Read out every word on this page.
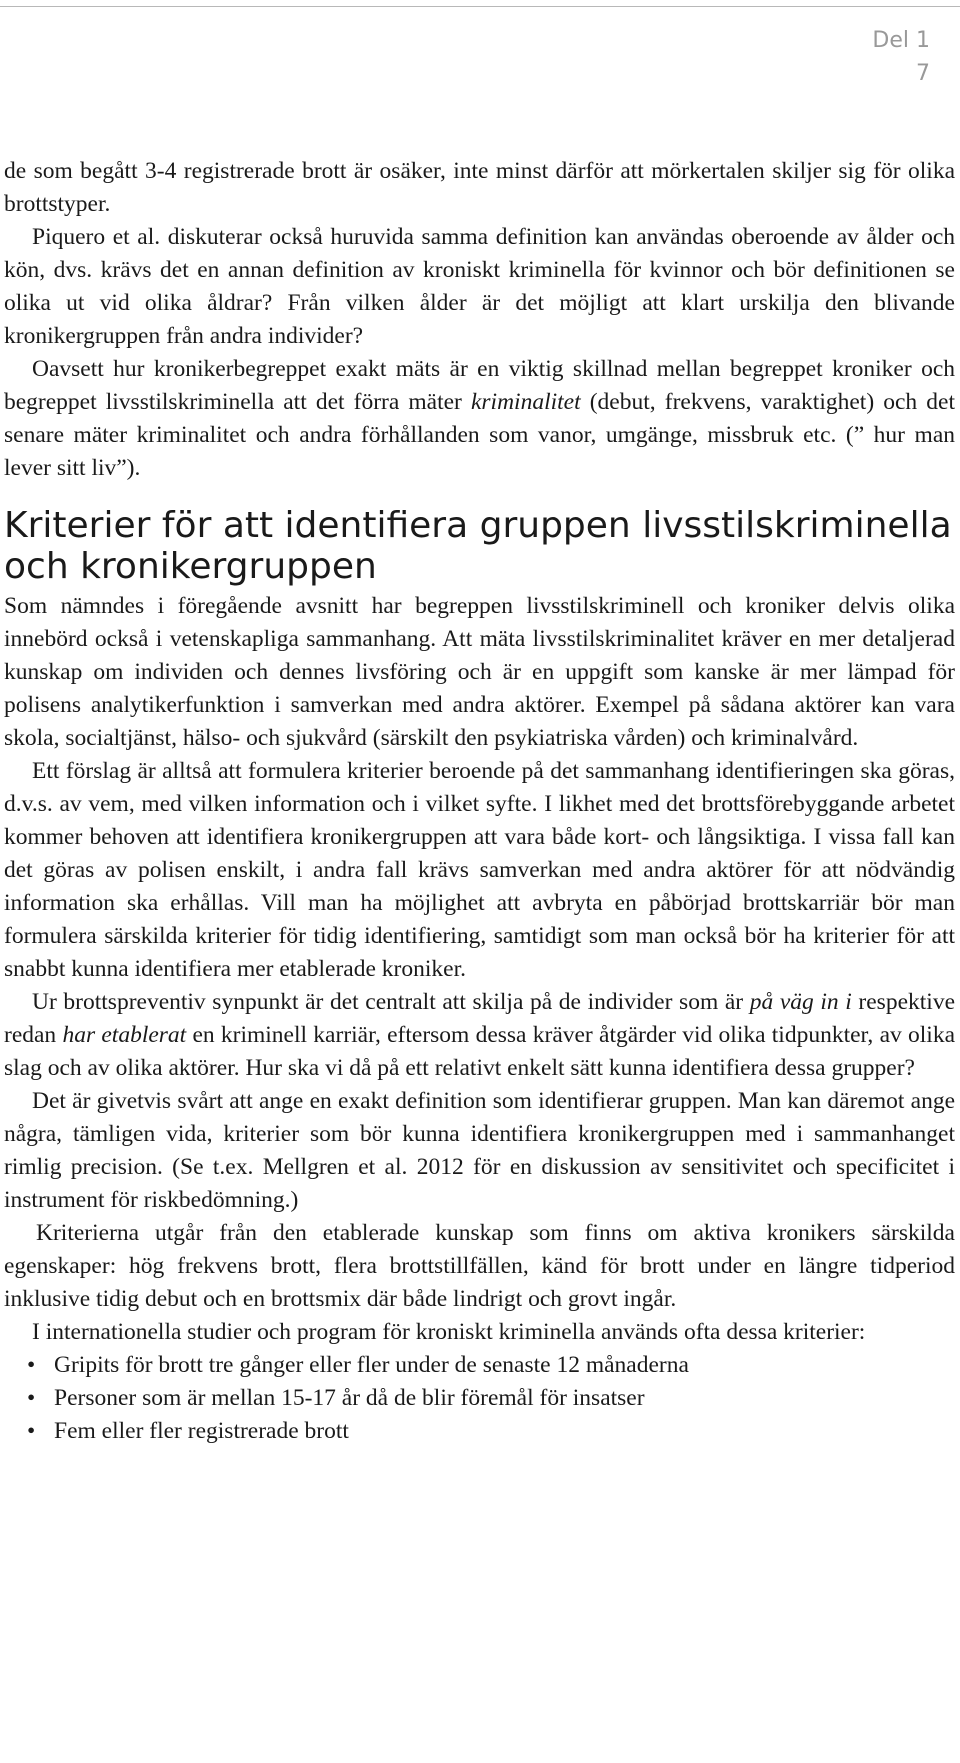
Del 1
7

de som begått 3-4 registrerade brott är osäker, inte minst därför att mörkertalen skiljer sig för olika brottstyper.

Piquero et al. diskuterar också huruvida samma definition kan användas oberoende av ålder och kön, dvs. krävs det en annan definition av kroniskt kriminella för kvinnor och bör definitionen se olika ut vid olika åldrar? Från vilken ålder är det möjligt att klart urskilja den blivande kronikergruppen från andra individer?

Oavsett hur kronikerbegreppet exakt mäts är en viktig skillnad mellan begreppet kroniker och begreppet livsstilskriminella att det förra mäter kriminalitet (debut, frekvens, varaktighet) och det senare mäter kriminalitet och andra förhållanden som vanor, umgänge, missbruk etc. (” hur man lever sitt liv”).

Kriterier för att identifiera gruppen livsstilskriminella och kronikergruppen

Som nämndes i föregående avsnitt har begreppen livsstilskriminell och kroniker delvis olika innebörd också i vetenskapliga sammanhang. Att mäta livsstilskriminalitet kräver en mer detaljerad kunskap om individen och dennes livsföring och är en uppgift som kanske är mer lämpad för polisens analytikerfunktion i samverkan med andra aktörer. Exempel på sådana aktörer kan vara skola, socialtjänst, hälso- och sjukvård (särskilt den psykiatriska vården) och kriminalvård.

Ett förslag är alltså att formulera kriterier beroende på det sammanhang identifieringen ska göras, d.v.s. av vem, med vilken information och i vilket syfte. I likhet med det brottsförebyggande arbetet kommer behoven att identifiera kronikergruppen att vara både kort- och långsiktiga. I vissa fall kan det göras av polisen enskilt, i andra fall krävs samverkan med andra aktörer för att nödvändig information ska erhållas. Vill man ha möjlighet att avbryta en påbörjad brottskarriär bör man formulera särskilda kriterier för tidig identifiering, samtidigt som man också bör ha kriterier för att snabbt kunna identifiera mer etablerade kroniker.

Ur brottspreventiv synpunkt är det centralt att skilja på de individer som är på väg in i respektive redan har etablerat en kriminell karriär, eftersom dessa kräver åtgärder vid olika tidpunkter, av olika slag och av olika aktörer. Hur ska vi då på ett relativt enkelt sätt kunna identifiera dessa grupper?

Det är givetvis svårt att ange en exakt definition som identifierar gruppen. Man kan däremot ange några, tämligen vida, kriterier som bör kunna identifiera kronikergruppen med i sammanhanget rimlig precision. (Se t.ex. Mellgren et al. 2012 för en diskussion av sensitivitet och specificitet i instrument för riskbedömning.)

Kriterierna utgår från den etablerade kunskap som finns om aktiva kronikers särskilda egenskaper: hög frekvens brott, flera brottstillfällen, känd för brott under en längre tidperiod inklusive tidig debut och en brottsmix där både lindrigt och grovt ingår.

I internationella studier och program för kroniskt kriminella används ofta dessa kriterier:

• Gripits för brott tre gånger eller fler under de senaste 12 månaderna
• Personer som är mellan 15-17 år då de blir föremål för insatser
• Fem eller fler registrerade brott
